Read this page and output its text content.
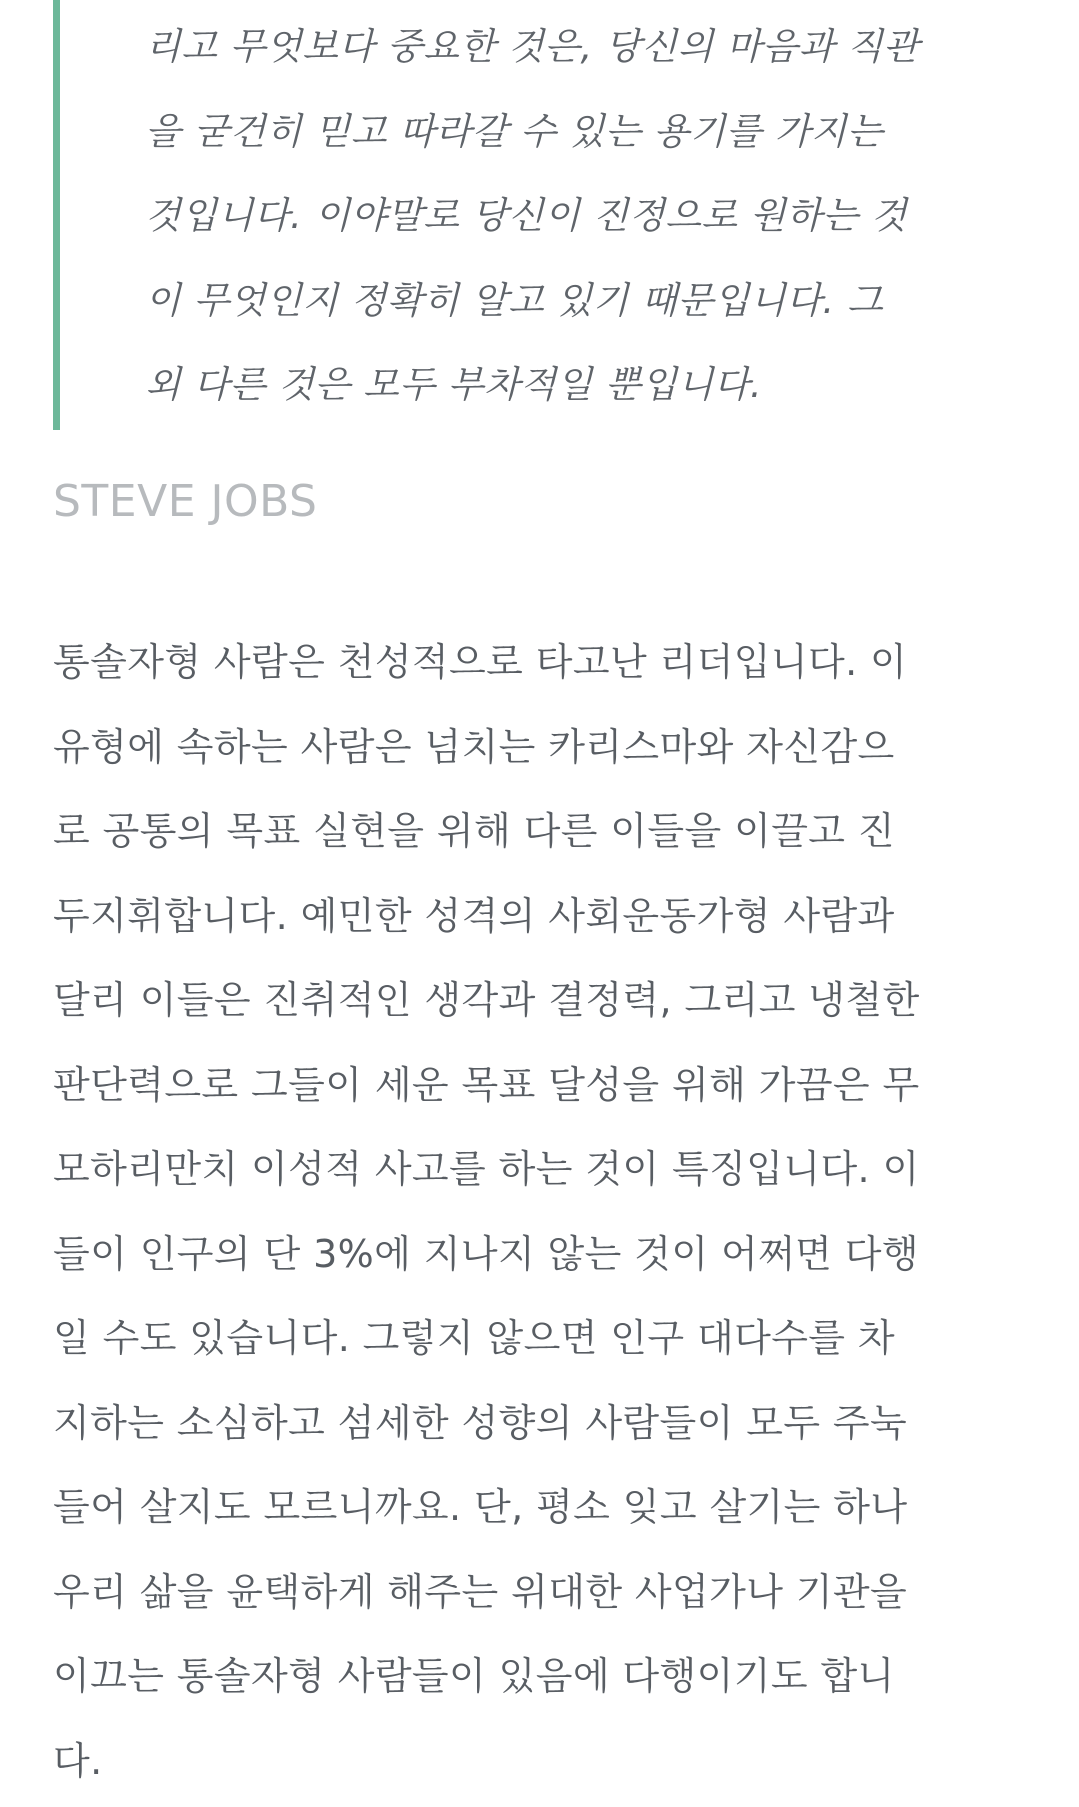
리고 무엇보다 중요한 것은, 당신의 마음과 직관
을 굳건히 믿고 따라갈 수 있는 용기를 가지는
것입니다. 이야말로 당신이 진정으로 원하는 것
이 무엇인지 정확히 알고 있기 때문입니다. 그
외 다른 것은 모두 부차적일 뿐입니다.

STEVE JOBS

통솔자형 사람은 천성적으로 타고난 리더입니다. 이
유형에 속하는 사람은 넘치는 카리스마와 자신감으
로 공통의 목표 실현을 위해 다른 이들을 이끌고 진
두지휘합니다. 예민한 성격의 사회운동가형 사람과
달리 이들은 진취적인 생각과 결정력, 그리고 냉철한
판단력으로 그들이 세운 목표 달성을 위해 가끔은 무
모하리만치 이성적 사고를 하는 것이 특징입니다. 이
들이 인구의 단 3%에 지나지 않는 것이 어쩌면 다행
일 수도 있습니다. 그렇지 않으면 인구 대다수를 차
지하는 소심하고 섬세한 성향의 사람들이 모두 주눅
들어 살지도 모르니까요. 단, 평소 잊고 살기는 하나
우리 삶을 윤택하게 해주는 위대한 사업가나 기관을
이끄는 통솔자형 사람들이 있음에 다행이기도 합니
다.
